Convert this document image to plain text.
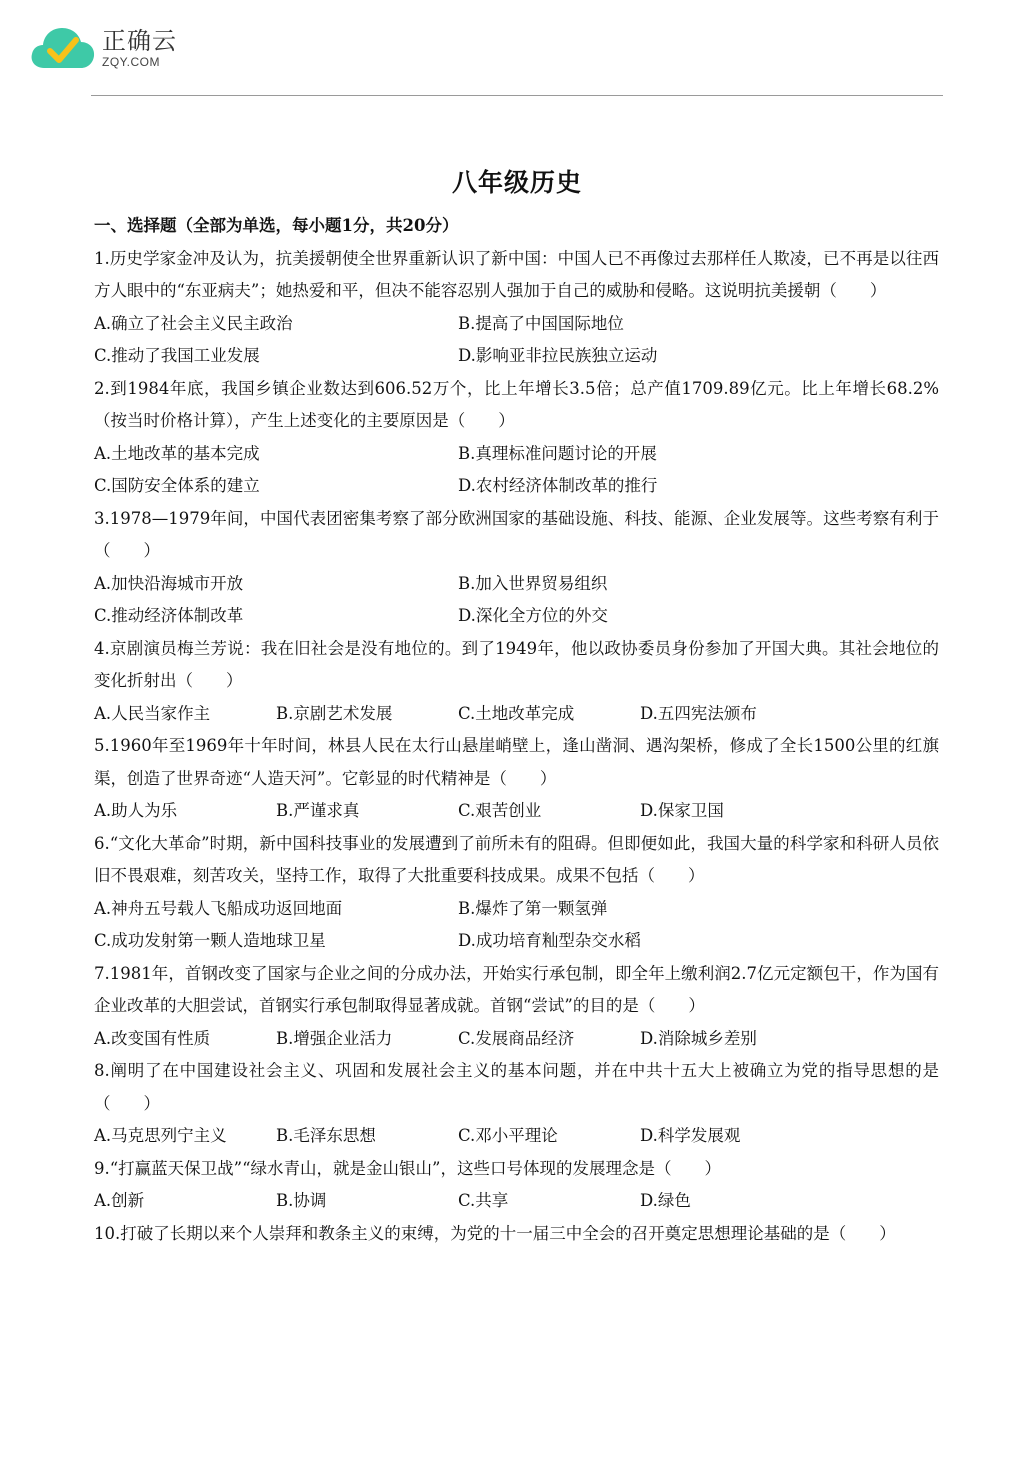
正确云
ZQY.COM
八年级历史
一、选择题（全部为单选，每小题1分，共20分）
1.历史学家金冲及认为，抗美援朝使全世界重新认识了新中国：中国人已不再像过去那样任人欺凌，已不再是以往西方人眼中的“东亚病夫”；她热爱和平，但决不能容忍别人强加于自己的威胁和侵略。这说明抗美援朝（　　）
A.确立了社会主义民主政治	B.提高了中国国际地位
C.推动了我国工业发展	D.影响亚非拉民族独立运动
2.到1984年底，我国乡镇企业数达到606.52万个，比上年增长3.5倍；总产值1709.89亿元。比上年增长68.2%（按当时价格计算），产生上述变化的主要原因是（　　）
A.土地改革的基本完成	B.真理标准问题讨论的开展
C.国防安全体系的建立	D.农村经济体制改革的推行
3.1978—1979年间，中国代表团密集考察了部分欧洲国家的基础设施、科技、能源、企业发展等。这些考察有利于（　　）
A.加快沿海城市开放	B.加入世界贸易组织
C.推动经济体制改革	D.深化全方位的外交
4.京剧演员梅兰芳说：我在旧社会是没有地位的。到了1949年，他以政协委员身份参加了开国大典。其社会地位的变化折射出（　　）
A.人民当家作主	B.京剧艺术发展	C.土地改革完成	D.五四宪法颁布
5.1960年至1969年十年时间，林县人民在太行山悬崖峭壁上，逢山凿洞、遇沟架桥，修成了全长1500公里的红旗渠，创造了世界奇迹“人造天河”。它彰显的时代精神是（　　）
A.助人为乐	B.严谨求真	C.艰苦创业	D.保家卫国
6.“文化大革命”时期，新中国科技事业的发展遭到了前所未有的阻碍。但即便如此，我国大量的科学家和科研人员依旧不畏艰难，刻苦攻关，坚持工作，取得了大批重要科技成果。成果不包括（　　）
A.神舟五号载人飞船成功返回地面	B.爆炸了第一颗氢弹
C.成功发射第一颗人造地球卫星	D.成功培育籼型杂交水稻
7.1981年，首钢改变了国家与企业之间的分成办法，开始实行承包制，即全年上缴利润2.7亿元定额包干，作为国有企业改革的大胆尝试，首钢实行承包制取得显著成就。首钢“尝试”的目的是（　　）
A.改变国有性质	B.增强企业活力	C.发展商品经济	D.消除城乡差别
8.阐明了在中国建设社会主义、巩固和发展社会主义的基本问题，并在中共十五大上被确立为党的指导思想的是（　　）
A.马克思列宁主义	B.毛泽东思想	C.邓小平理论	D.科学发展观
9.“打赢蓝天保卫战”“绿水青山，就是金山银山”，这些口号体现的发展理念是（　　）
A.创新	B.协调	C.共享	D.绿色
10.打破了长期以来个人崇拜和教条主义的束缚，为党的十一届三中全会的召开奠定思想理论基础的是（　　）
